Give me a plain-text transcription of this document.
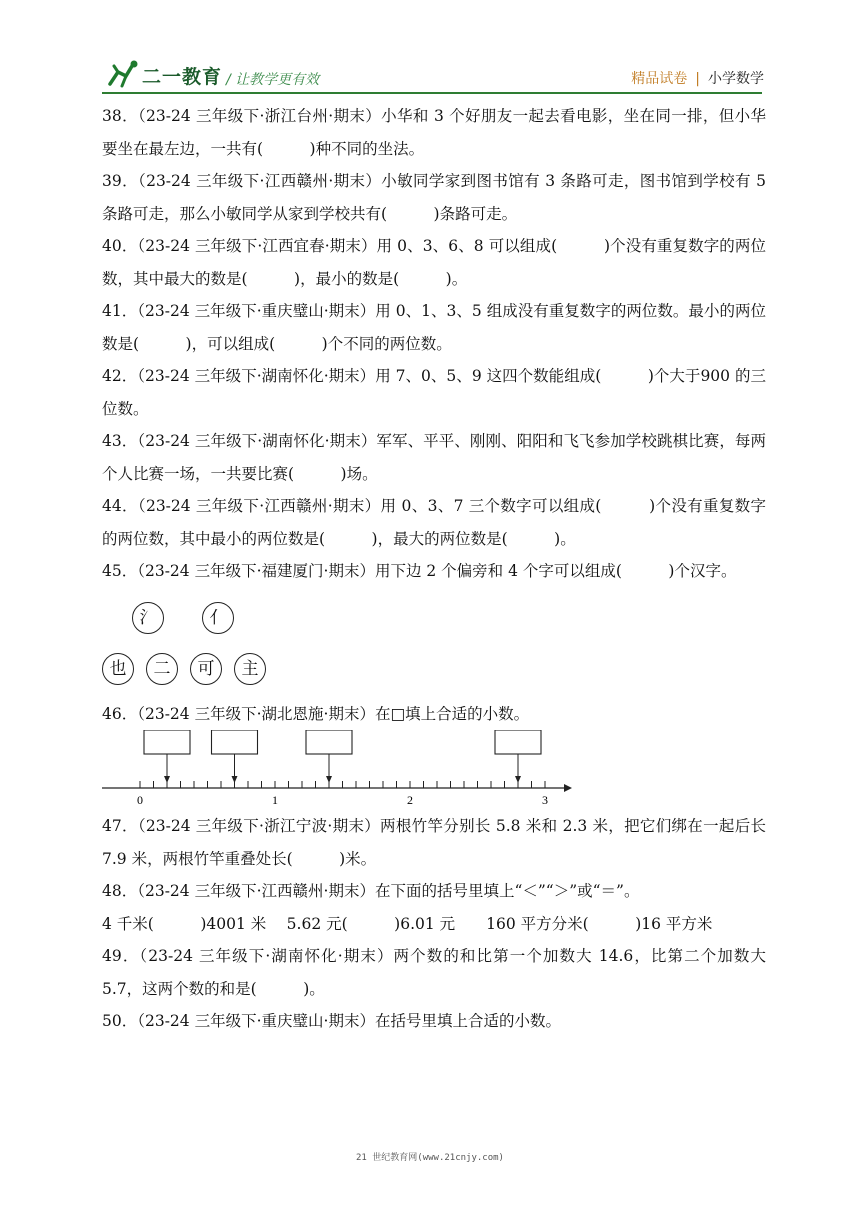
二一教育 / 让教学更有效	精品试卷 | 小学数学

38．（23-24 三年级下·浙江台州·期末）小华和 3 个好朋友一起去看电影，坐在同一排，但小华要坐在最左边，一共有(　　　)种不同的坐法。

39．（23-24 三年级下·江西赣州·期末）小敏同学家到图书馆有 3 条路可走，图书馆到学校有 5 条路可走，那么小敏同学从家到学校共有(　　　)条路可走。

40．（23-24 三年级下·江西宜春·期末）用 0、3、6、8 可以组成(　　　)个没有重复数字的两位数，其中最大的数是(　　　)，最小的数是(　　　)。

41．（23-24 三年级下·重庆璧山·期末）用 0、1、3、5 组成没有重复数字的两位数。最小的两位数是(　　　)，可以组成(　　　)个不同的两位数。

42．（23-24 三年级下·湖南怀化·期末）用 7、0、5、9 这四个数能组成(　　　)个大于900 的三位数。

43．（23-24 三年级下·湖南怀化·期末）军军、平平、刚刚、阳阳和飞飞参加学校跳棋比赛，每两个人比赛一场，一共要比赛(　　　)场。

44．（23-24 三年级下·江西赣州·期末）用 0、3、7 三个数字可以组成(　　　)个没有重复数字的两位数，其中最小的两位数是(　　　)，最大的两位数是(　　　)。

45．（23-24 三年级下·福建厦门·期末）用下边 2 个偏旁和 4 个字可以组成(　　　)个汉字。

氵	亻
也	二	可	主

46．（23-24 三年级下·湖北恩施·期末）在□填上合适的小数。

0	1	2	3

47．（23-24 三年级下·浙江宁波·期末）两根竹竿分别长 5.8 米和 2.3 米，把它们绑在一起后长 7.9 米，两根竹竿重叠处长(　　　)米。

48．（23-24 三年级下·江西赣州·期末）在下面的括号里填上“＜”“＞”或“＝”。

4 千米(　　　)4001 米　 5.62 元(　　　)6.01 元　　160 平方分米(　　　)16 平方米

49．（23-24 三年级下·湖南怀化·期末）两个数的和比第一个加数大 14.6，比第二个加数大 5.7，这两个数的和是(　　　)。

50．（23-24 三年级下·重庆璧山·期末）在括号里填上合适的小数。

21 世纪教育网(www.21cnjy.com)
